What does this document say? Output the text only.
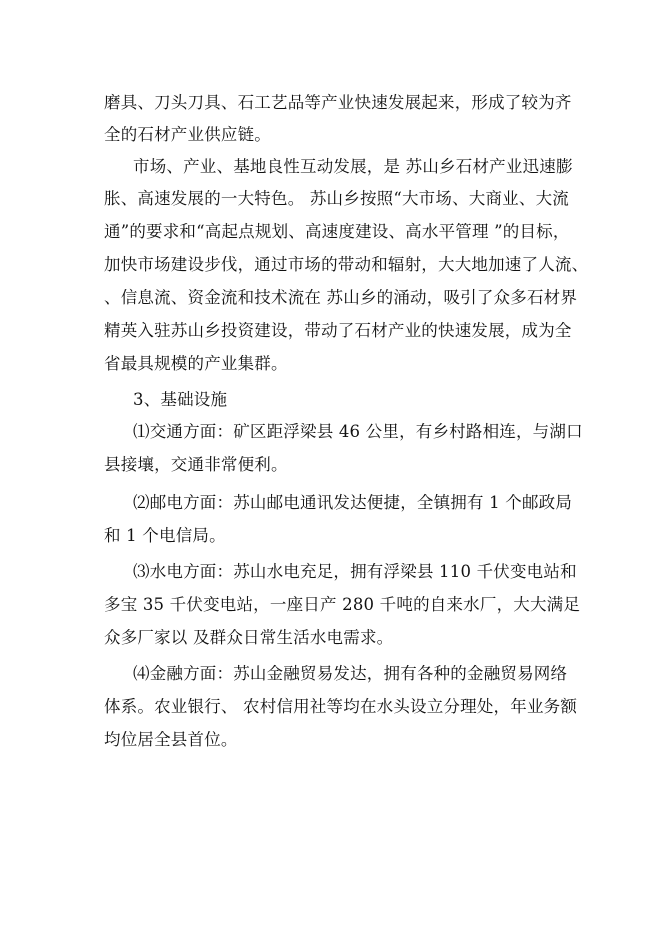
磨具、刀头刀具、石工艺品等产业快速发展起来，形成了较为齐
全的石材产业供应链。
市场、产业、基地良性互动发展，是 苏山乡石材产业迅速膨
胀、高速发展的一大特色。 苏山乡按照“大市场、大商业、大流
通”的要求和“高起点规划、高速度建设、高水平管理 ”的目标，
加快市场建设步伐，通过市场的带动和辐射，大大地加速了人流、
、信息流、资金流和技术流在 苏山乡的涌动，吸引了众多石材界
精英入驻苏山乡投资建设，带动了石材产业的快速发展，成为全
省最具规模的产业集群。
3、基础设施
⑴交通方面：矿区距浮梁县 46 公里，有乡村路相连，与湖口
县接壤，交通非常便利。
⑵邮电方面：苏山邮电通讯发达便捷，全镇拥有 1 个邮政局
和 1 个电信局。
⑶水电方面：苏山水电充足，拥有浮梁县 110 千伏变电站和
多宝 35 千伏变电站，一座日产 280 千吨的自来水厂，大大满足
众多厂家以 及群众日常生活水电需求。
⑷金融方面：苏山金融贸易发达，拥有各种的金融贸易网络
体系。农业银行、 农村信用社等均在水头设立分理处，年业务额
均位居全县首位。
